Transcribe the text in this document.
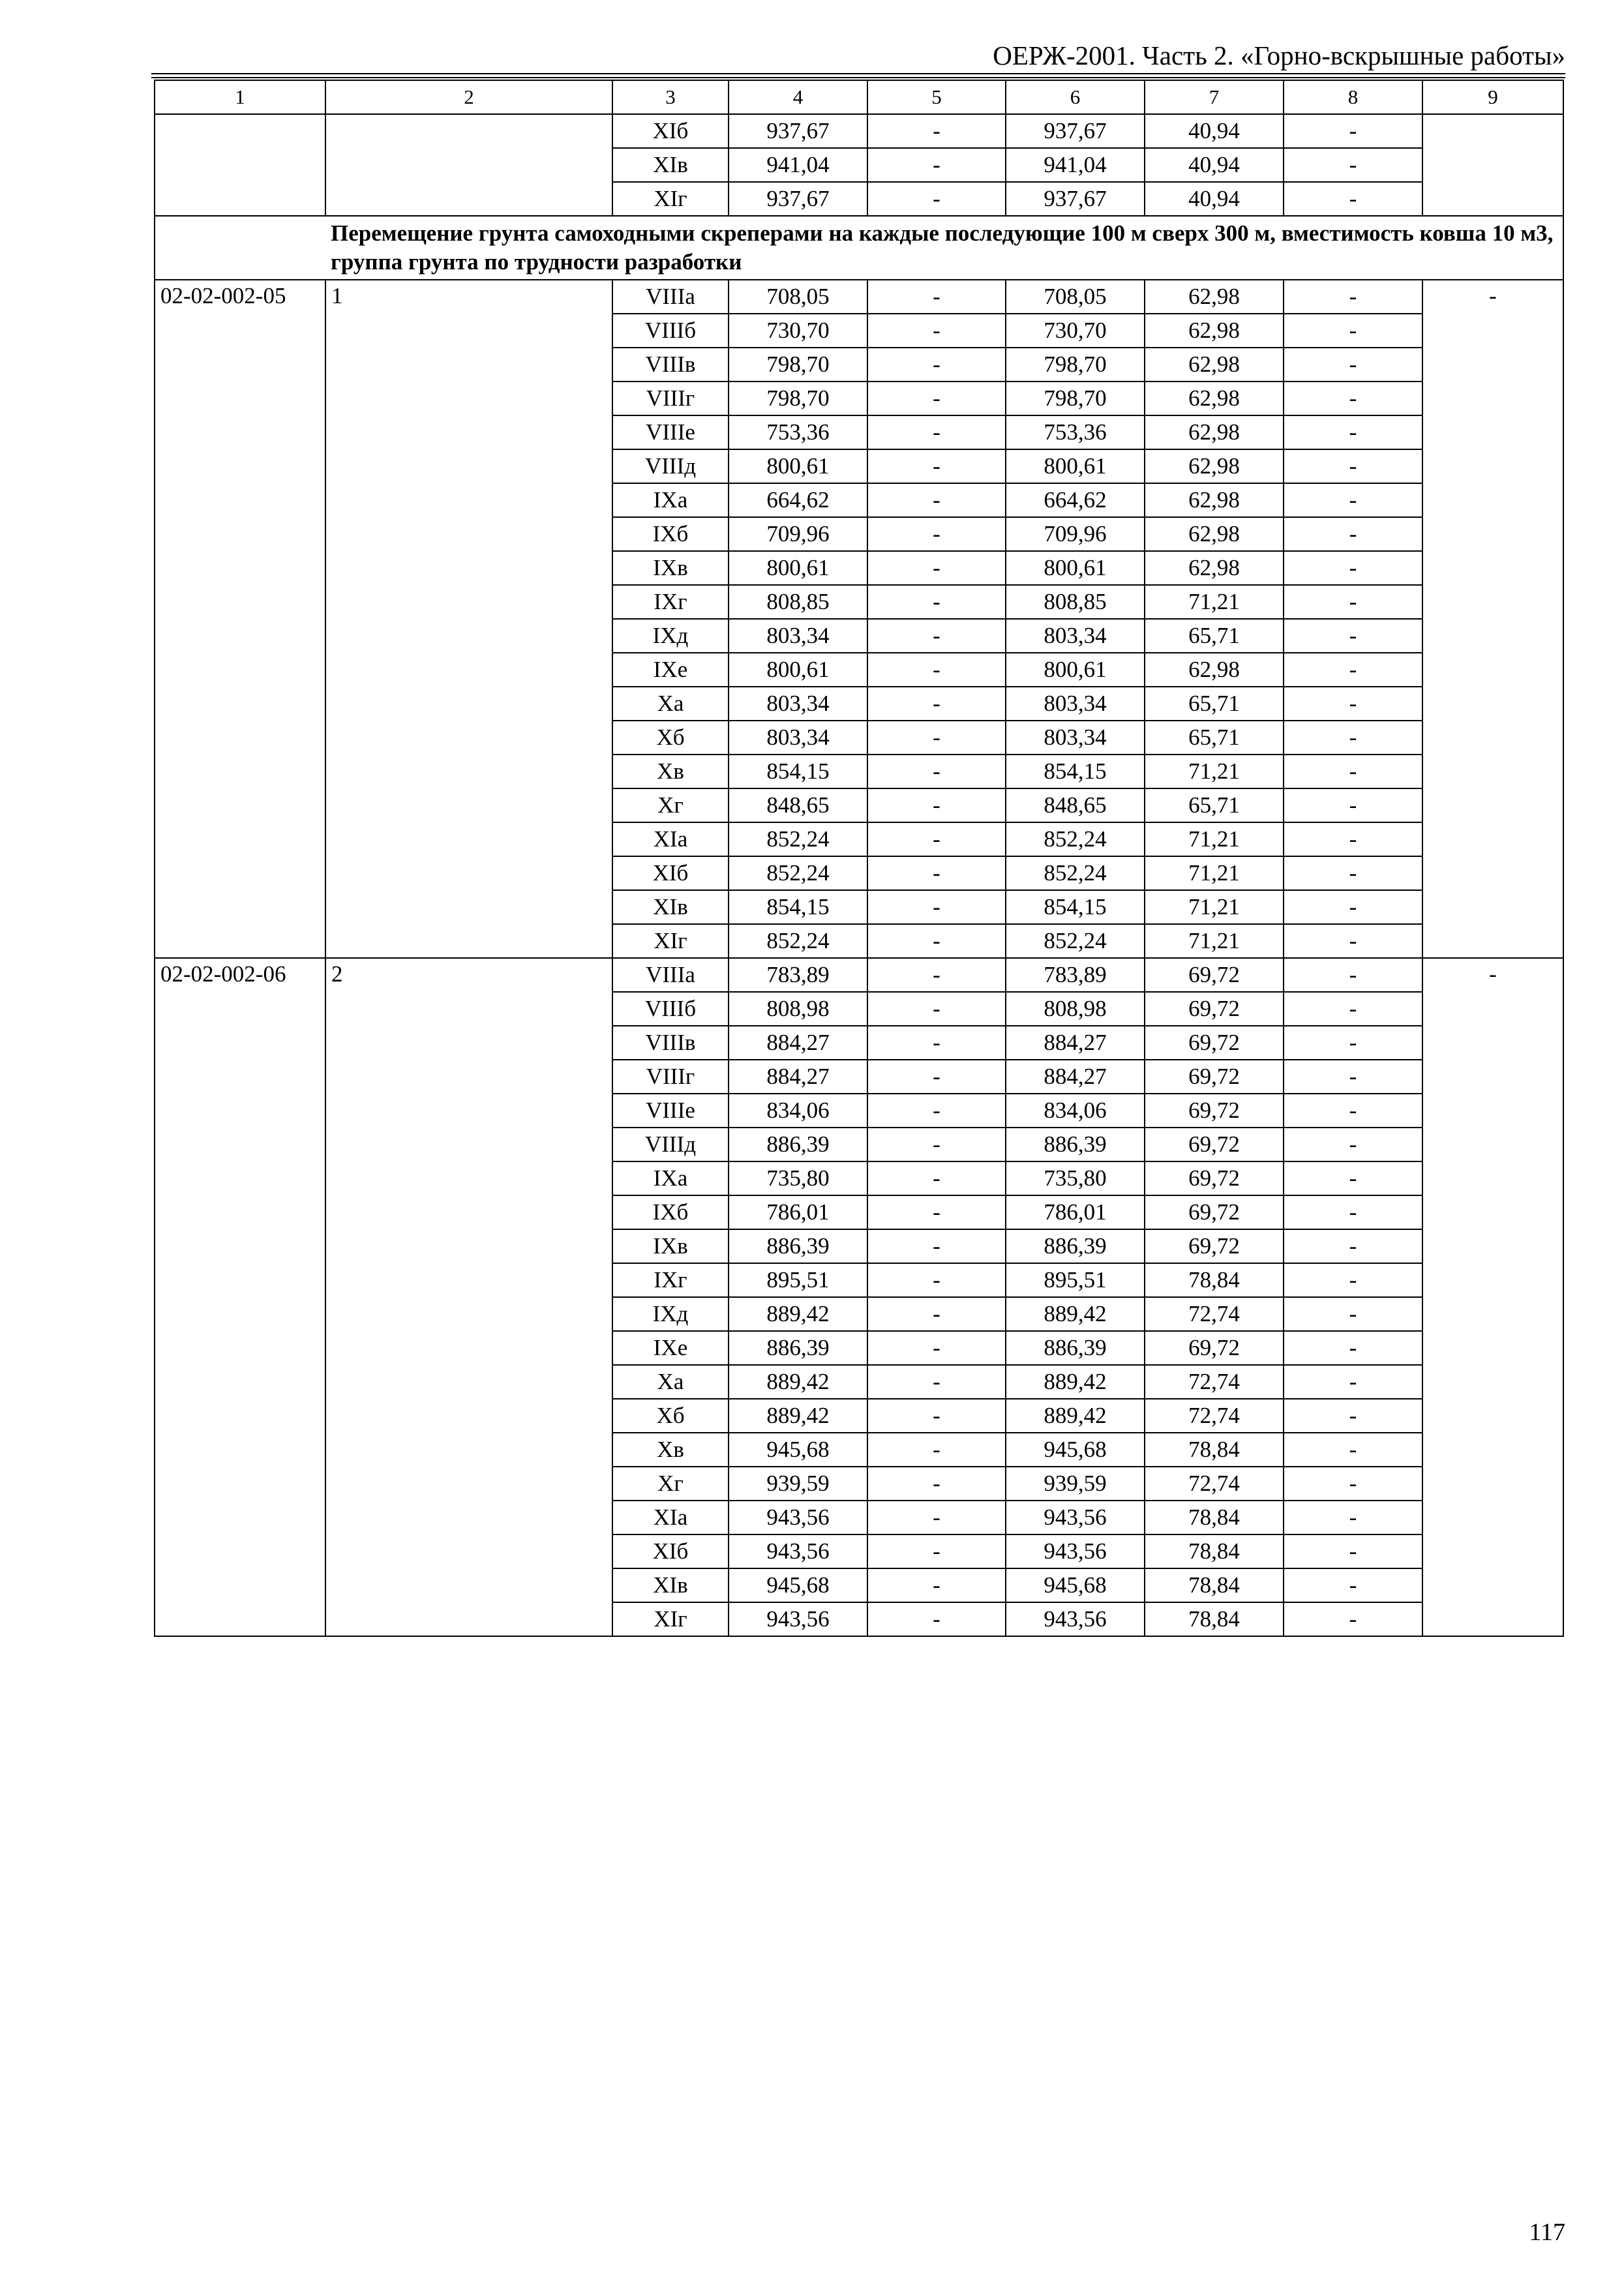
ОЕРЖ-2001. Часть 2. «Горно-вскрышные работы»
1	2	3	4	5	6	7	8	9
		XIб	937,67	-	937,67	40,94	-	
		XIв	941,04	-	941,04	40,94	-	
		XIг	937,67	-	937,67	40,94	-	
	Перемещение грунта самоходными скреперами на каждые последующие 100 м сверх 300 м, вместимость ковша 10 м3, группа грунта по трудности разработки							
02-02-002-05	1	VIIIа	708,05	-	708,05	62,98	-	-
		VIIIб	730,70	-	730,70	62,98	-	
		VIIIв	798,70	-	798,70	62,98	-	
		VIIIг	798,70	-	798,70	62,98	-	
		VIIIе	753,36	-	753,36	62,98	-	
		VIIIд	800,61	-	800,61	62,98	-	
		IXа	664,62	-	664,62	62,98	-	
		IXб	709,96	-	709,96	62,98	-	
		IXв	800,61	-	800,61	62,98	-	
		IXг	808,85	-	808,85	71,21	-	
		IXд	803,34	-	803,34	65,71	-	
		IXе	800,61	-	800,61	62,98	-	
		Xа	803,34	-	803,34	65,71	-	
		Xб	803,34	-	803,34	65,71	-	
		Xв	854,15	-	854,15	71,21	-	
		Xг	848,65	-	848,65	65,71	-	
		XIа	852,24	-	852,24	71,21	-	
		XIб	852,24	-	852,24	71,21	-	
		XIв	854,15	-	854,15	71,21	-	
		XIг	852,24	-	852,24	71,21	-	
02-02-002-06	2	VIIIа	783,89	-	783,89	69,72	-	-
		VIIIб	808,98	-	808,98	69,72	-	
		VIIIв	884,27	-	884,27	69,72	-	
		VIIIг	884,27	-	884,27	69,72	-	
		VIIIе	834,06	-	834,06	69,72	-	
		VIIIд	886,39	-	886,39	69,72	-	
		IXа	735,80	-	735,80	69,72	-	
		IXб	786,01	-	786,01	69,72	-	
		IXв	886,39	-	886,39	69,72	-	
		IXг	895,51	-	895,51	78,84	-	
		IXд	889,42	-	889,42	72,74	-	
		IXе	886,39	-	886,39	69,72	-	
		Xа	889,42	-	889,42	72,74	-	
		Xб	889,42	-	889,42	72,74	-	
		Xв	945,68	-	945,68	78,84	-	
		Xг	939,59	-	939,59	72,74	-	
		XIа	943,56	-	943,56	78,84	-	
		XIб	943,56	-	943,56	78,84	-	
		XIв	945,68	-	945,68	78,84	-	
		XIг	943,56	-	943,56	78,84	-	
117
